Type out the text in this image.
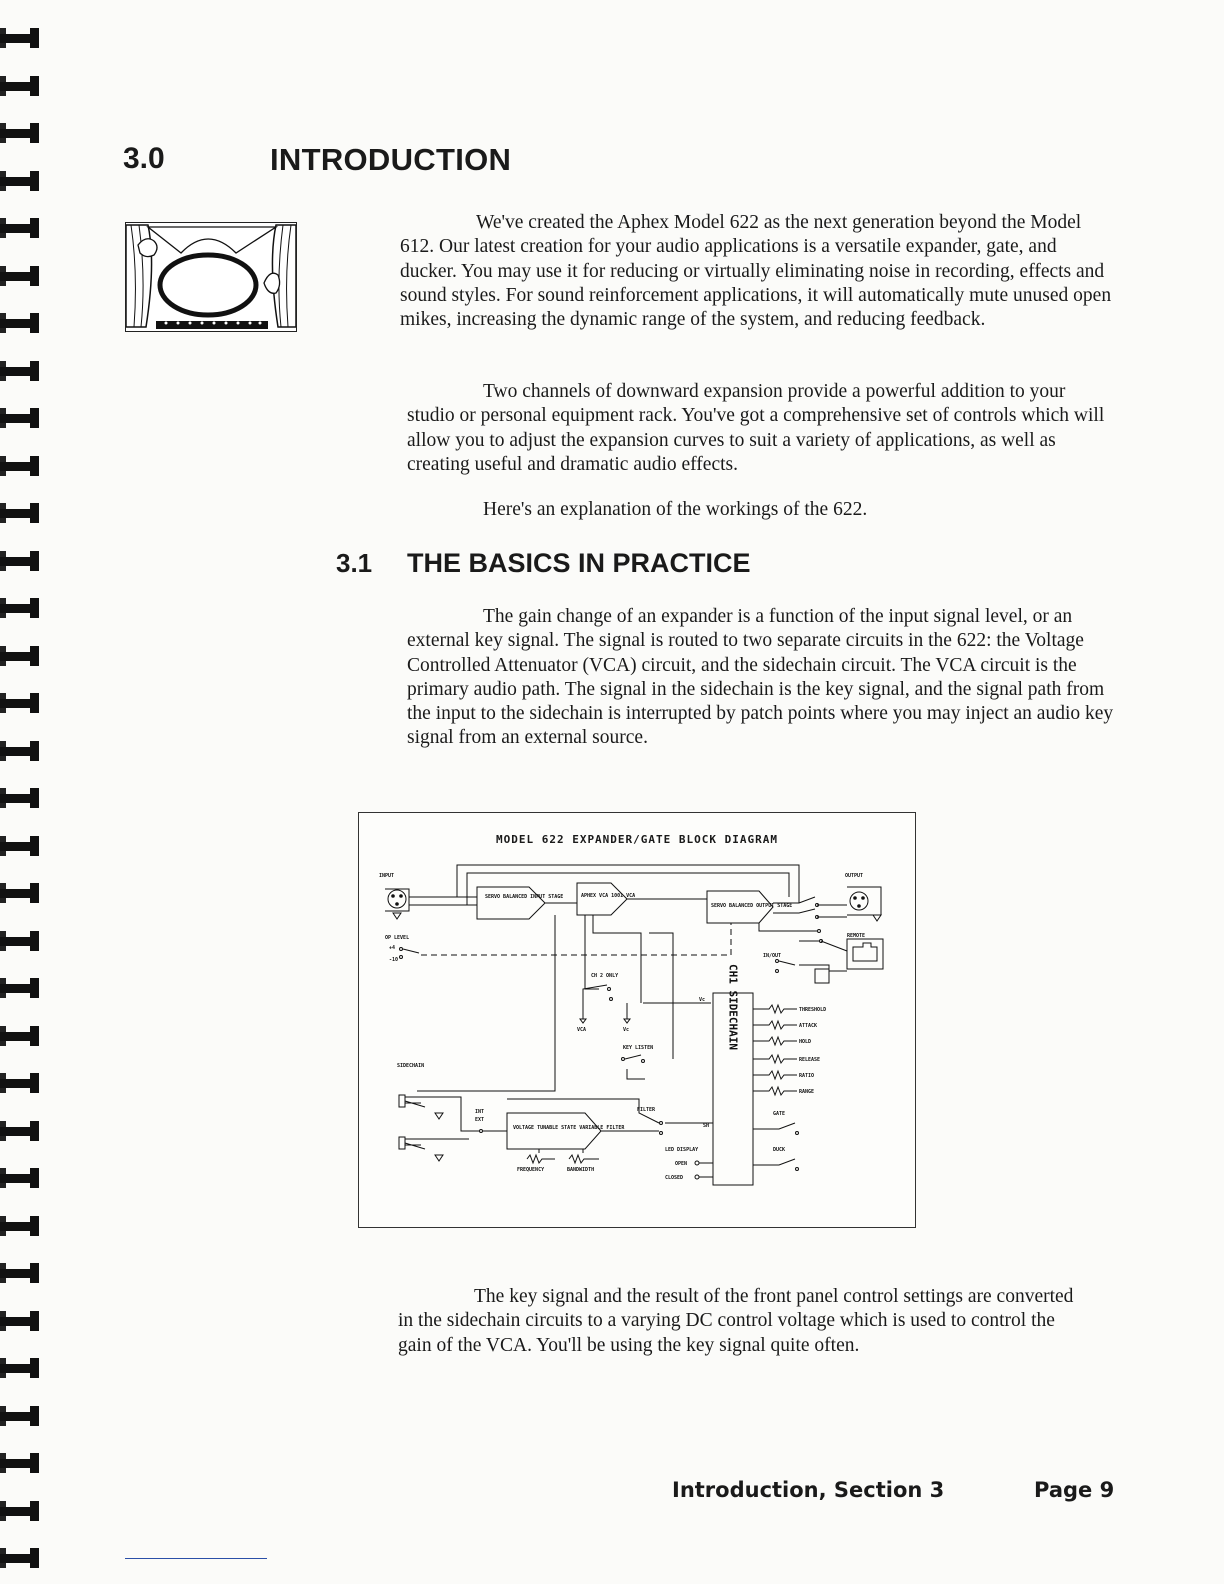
3.0	INTRODUCTION

We've created the Aphex Model 622 as the next generation beyond the Model 612. Our latest creation for your audio applications is a versatile expander, gate, and ducker. You may use it for reducing or virtually eliminating noise in recording, effects and sound styles. For sound reinforcement applications, it will automatically mute unused open mikes, increasing the dynamic range of the system, and reducing feedback.

Two channels of downward expansion provide a powerful addition to your studio or personal equipment rack. You've got a comprehensive set of controls which will allow you to adjust the expansion curves to suit a variety of applications, as well as creating useful and dramatic audio effects.

Here's an explanation of the workings of the 622.

3.1 THE BASICS IN PRACTICE

The gain change of an expander is a function of the input signal level, or an external key signal. The signal is routed to two separate circuits in the 622: the Voltage Controlled Attenuator (VCA) circuit, and the sidechain circuit. The VCA circuit is the primary audio path. The signal in the sidechain is the key signal, and the signal path from the input to the sidechain is interrupted by patch points where you may inject an audio key signal from an external source.

MODEL 622 EXPANDER/GATE BLOCK DIAGRAM
INPUT	OUTPUT
SERVO BALANCED INPUT STAGE	APHEX VCA 1001 VCA
SERVO BALANCED OUTPUT STAGE
OP LEVEL
+4
-10
REMOTE
IN/OUT
CH 2 ONLY
VCA	Vc
Vc
SIDECHAIN
KEY LISTEN
INT
EXT
VOLTAGE TUNABLE STATE VARIABLE FILTER
FILTER
FREQUENCY	BANDWIDTH
LED DISPLAY
OPEN
CLOSED
SH
THRESHOLD
ATTACK
HOLD
RELEASE
RATIO
RANGE
GATE
DUCK
CH1 SIDECHAIN

The key signal and the result of the front panel control settings are converted in the sidechain circuits to a varying DC control voltage which is used to control the gain of the VCA. You'll be using the key signal quite often.

Introduction, Section 3	Page 9
